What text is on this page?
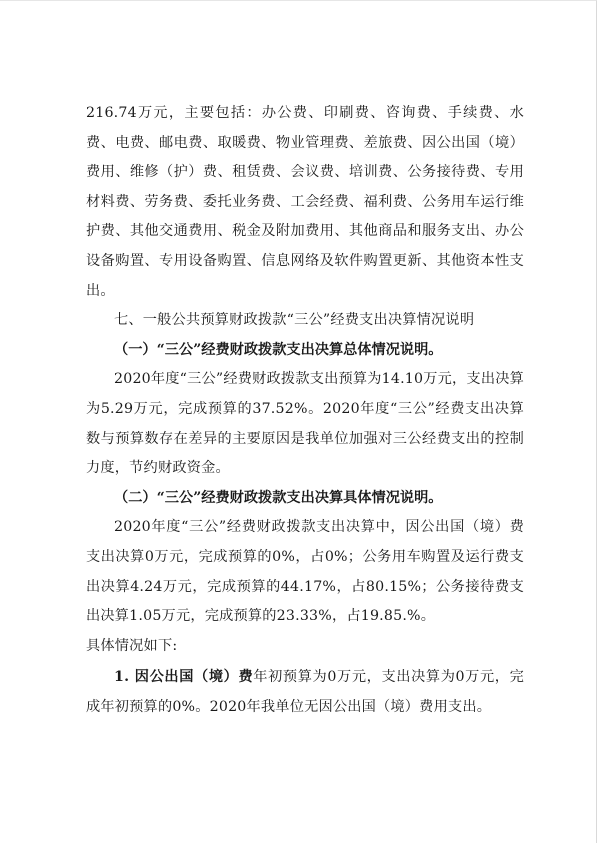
216.74万元，主要包括：办公费、印刷费、咨询费、手续费、水费、电费、邮电费、取暖费、物业管理费、差旅费、因公出国（境）费用、维修（护）费、租赁费、会议费、培训费、公务接待费、专用材料费、劳务费、委托业务费、工会经费、福利费、公务用车运行维护费、其他交通费用、税金及附加费用、其他商品和服务支出、办公设备购置、专用设备购置、信息网络及软件购置更新、其他资本性支出。

七、一般公共预算财政拨款“三公”经费支出决算情况说明

（一）“三公”经费财政拨款支出决算总体情况说明。

2020年度“三公”经费财政拨款支出预算为14.10万元，支出决算为5.29万元，完成预算的37.52%。2020年度“三公”经费支出决算数与预算数存在差异的主要原因是我单位加强对三公经费支出的控制力度，节约财政资金。

（二）“三公”经费财政拨款支出决算具体情况说明。

2020年度“三公”经费财政拨款支出决算中，因公出国（境）费支出决算0万元，完成预算的0%，占0%；公务用车购置及运行费支出决算4.24万元，完成预算的44.17%，占80.15%；公务接待费支出决算1.05万元，完成预算的23.33%，占19.85.%。

具体情况如下:

1. 因公出国（境）费年初预算为0万元，支出决算为0万元，完成年初预算的0%。2020年我单位无因公出国（境）费用支出。
